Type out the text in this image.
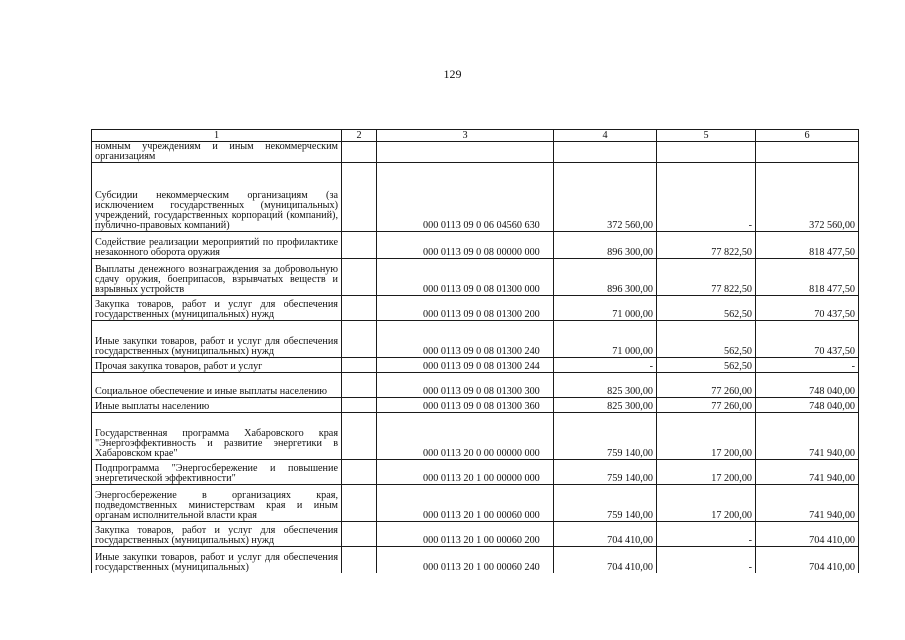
129
1	2	3	4	5	6
номным учреждениям и иным некоммерческим организациям					
Субсидии некоммерческим организациям (за исключением государственных (муниципальных) учреждений, государственных корпораций (компаний), публично-правовых компаний)		000 0113 09 0 06 04560 630	372 560,00	-	372 560,00
Содействие реализации мероприятий по профилактике незаконного оборота оружия		000 0113 09 0 08 00000 000	896 300,00	77 822,50	818 477,50
Выплаты денежного вознаграждения за добровольную сдачу оружия, боеприпасов, взрывчатых веществ и взрывных устройств		000 0113 09 0 08 01300 000	896 300,00	77 822,50	818 477,50
Закупка товаров, работ и услуг для обеспечения государственных (муниципальных) нужд		000 0113 09 0 08 01300 200	71 000,00	562,50	70 437,50
Иные закупки товаров, работ и услуг для обеспечения государственных (муниципальных) нужд		000 0113 09 0 08 01300 240	71 000,00	562,50	70 437,50
Прочая закупка товаров, работ и услуг		000 0113 09 0 08 01300 244	-	562,50	-
Социальное обеспечение и иные выплаты населению		000 0113 09 0 08 01300 300	825 300,00	77 260,00	748 040,00
Иные выплаты населению		000 0113 09 0 08 01300 360	825 300,00	77 260,00	748 040,00
Государственная программа Хабаровского края "Энергоэффективность и развитие энергетики в Хабаровском крае"		000 0113 20 0 00 00000 000	759 140,00	17 200,00	741 940,00
Подпрограмма "Энергосбережение и повышение энергетической эффективности"		000 0113 20 1 00 00000 000	759 140,00	17 200,00	741 940,00
Энергосбережение в организациях края, подведомственных министерствам края и иным органам исполнительной власти края		000 0113 20 1 00 00060 000	759 140,00	17 200,00	741 940,00
Закупка товаров, работ и услуг для обеспечения государственных (муниципальных) нужд		000 0113 20 1 00 00060 200	704 410,00	-	704 410,00
Иные закупки товаров, работ и услуг для обеспечения государственных (муниципальных)		000 0113 20 1 00 00060 240	704 410,00	-	704 410,00
